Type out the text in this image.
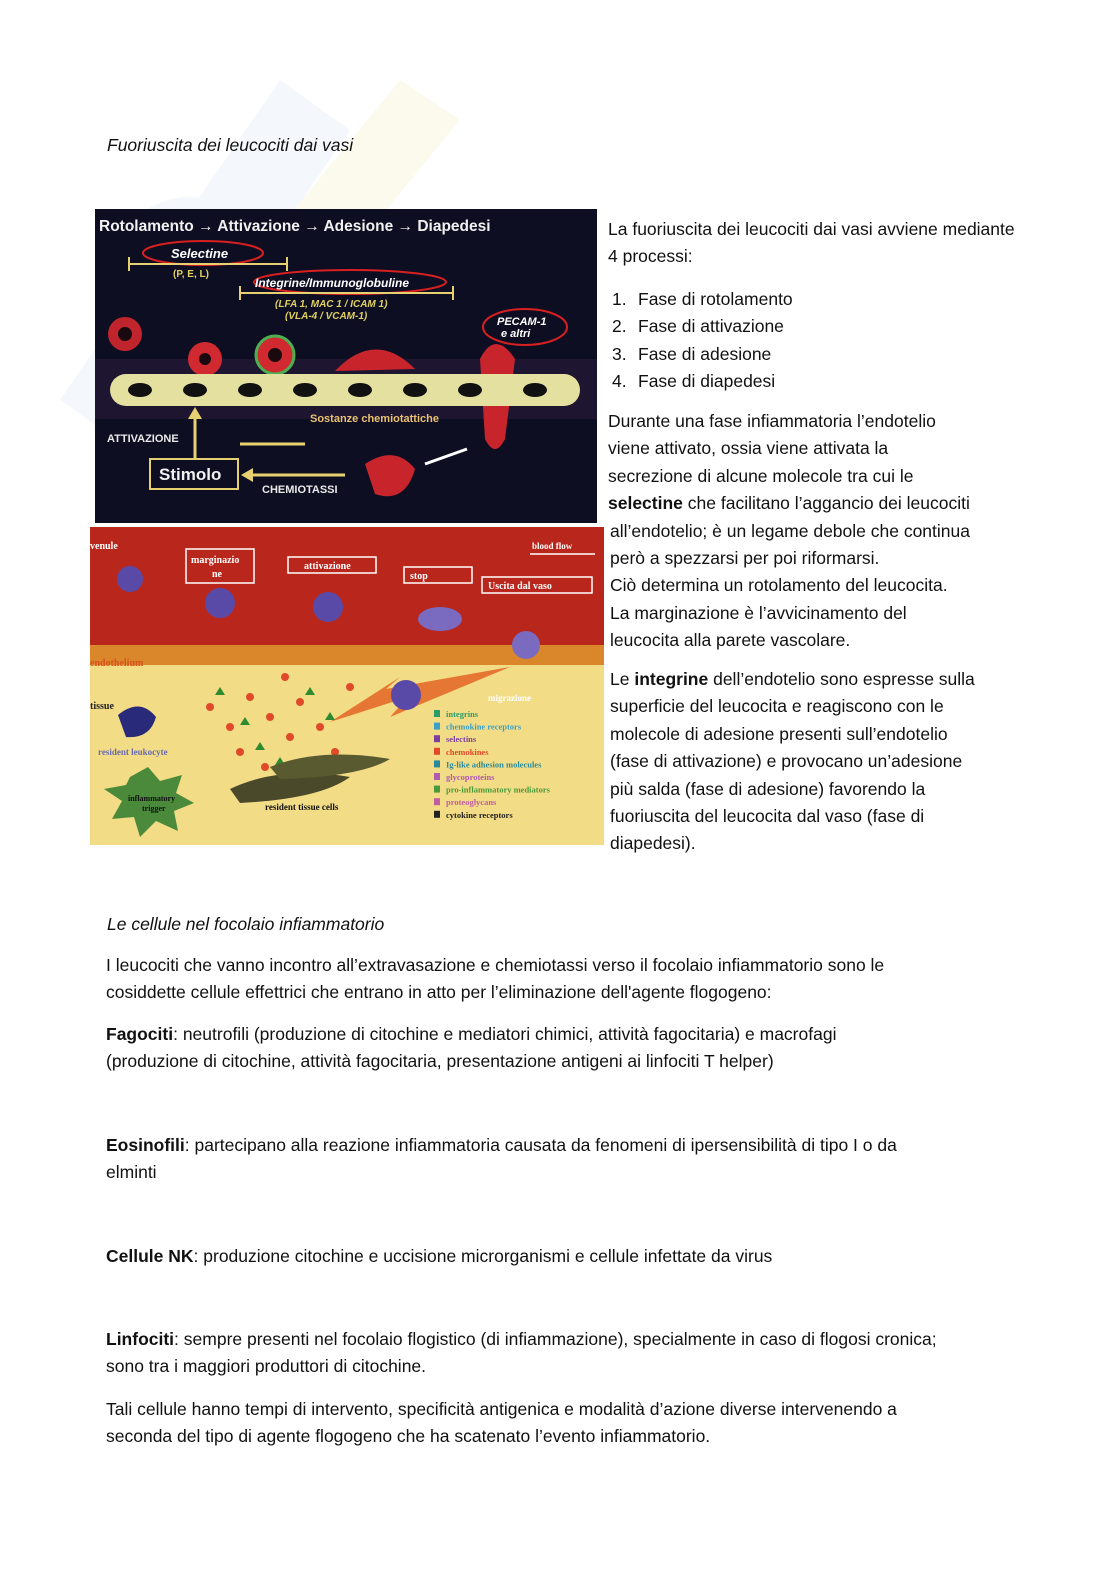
Fuoriuscita dei leucociti dai vasi
Rotolamento → Attivazione → Adesione → Diapedesi
Selectine
(P, E, L)
Integrine/Immunoglobuline
(LFA 1, MAC 1 / ICAM 1)
(VLA-4 / VCAM-1)	PECAM-1
e altri
Sostanze chemiotattiche
ATTIVAZIONE
Stimolo
CHEMIOTASSI
venule
marginazio
ne
attivazione
stop
Uscita dal vaso
blood flow
endothelium
tissue
migrazione
resident leukocyte
inflammatory
trigger	resident tissue cells
integrins
chemokine receptors
selectins
chemokines
Ig-like adhesion molecules
glycoproteins
pro-inflammatory mediators
proteoglycans
cytokine receptors
La fuoriuscita dei leucociti dai vasi avviene mediante 4 processi:
1. Fase di rotolamento
2. Fase di attivazione
3. Fase di adesione
4. Fase di diapedesi
Durante una fase infiammatoria l’endotelio
viene attivato, ossia viene attivata la
secrezione di alcune molecole tra cui le
selectine che facilitano l’aggancio dei leucociti
all’endotelio; è un legame debole che continua
però a spezzarsi per poi riformarsi.
Ciò determina un rotolamento del leucocita.
La marginazione è l’avvicinamento del
leucocita alla parete vascolare.
Le integrine dell’endotelio sono espresse sulla
superficie del leucocita e reagiscono con le
molecole di adesione presenti sull’endotelio
(fase di attivazione) e provocano un’adesione
più salda (fase di adesione) favorendo la
fuoriuscita del leucocita dal vaso (fase di
diapedesi).
Le cellule nel focolaio infiammatorio
I leucociti che vanno incontro all’extravasazione e chemiotassi verso il focolaio infiammatorio sono le
cosiddette cellule effettrici che entrano in atto per l’eliminazione dell'agente flogogeno:
Fagociti: neutrofili (produzione di citochine e mediatori chimici, attività fagocitaria) e macrofagi
(produzione di citochine, attività fagocitaria, presentazione antigeni ai linfociti T helper)
Eosinofili: partecipano alla reazione infiammatoria causata da fenomeni di ipersensibilità di tipo I o da
elminti
Cellule NK: produzione citochine e uccisione microrganismi e cellule infettate da virus
Linfociti: sempre presenti nel focolaio flogistico (di infiammazione), specialmente in caso di flogosi cronica;
sono tra i maggiori produttori di citochine.
Tali cellule hanno tempi di intervento, specificità antigenica e modalità d’azione diverse intervenendo a
seconda del tipo di agente flogogeno che ha scatenato l’evento infiammatorio.
